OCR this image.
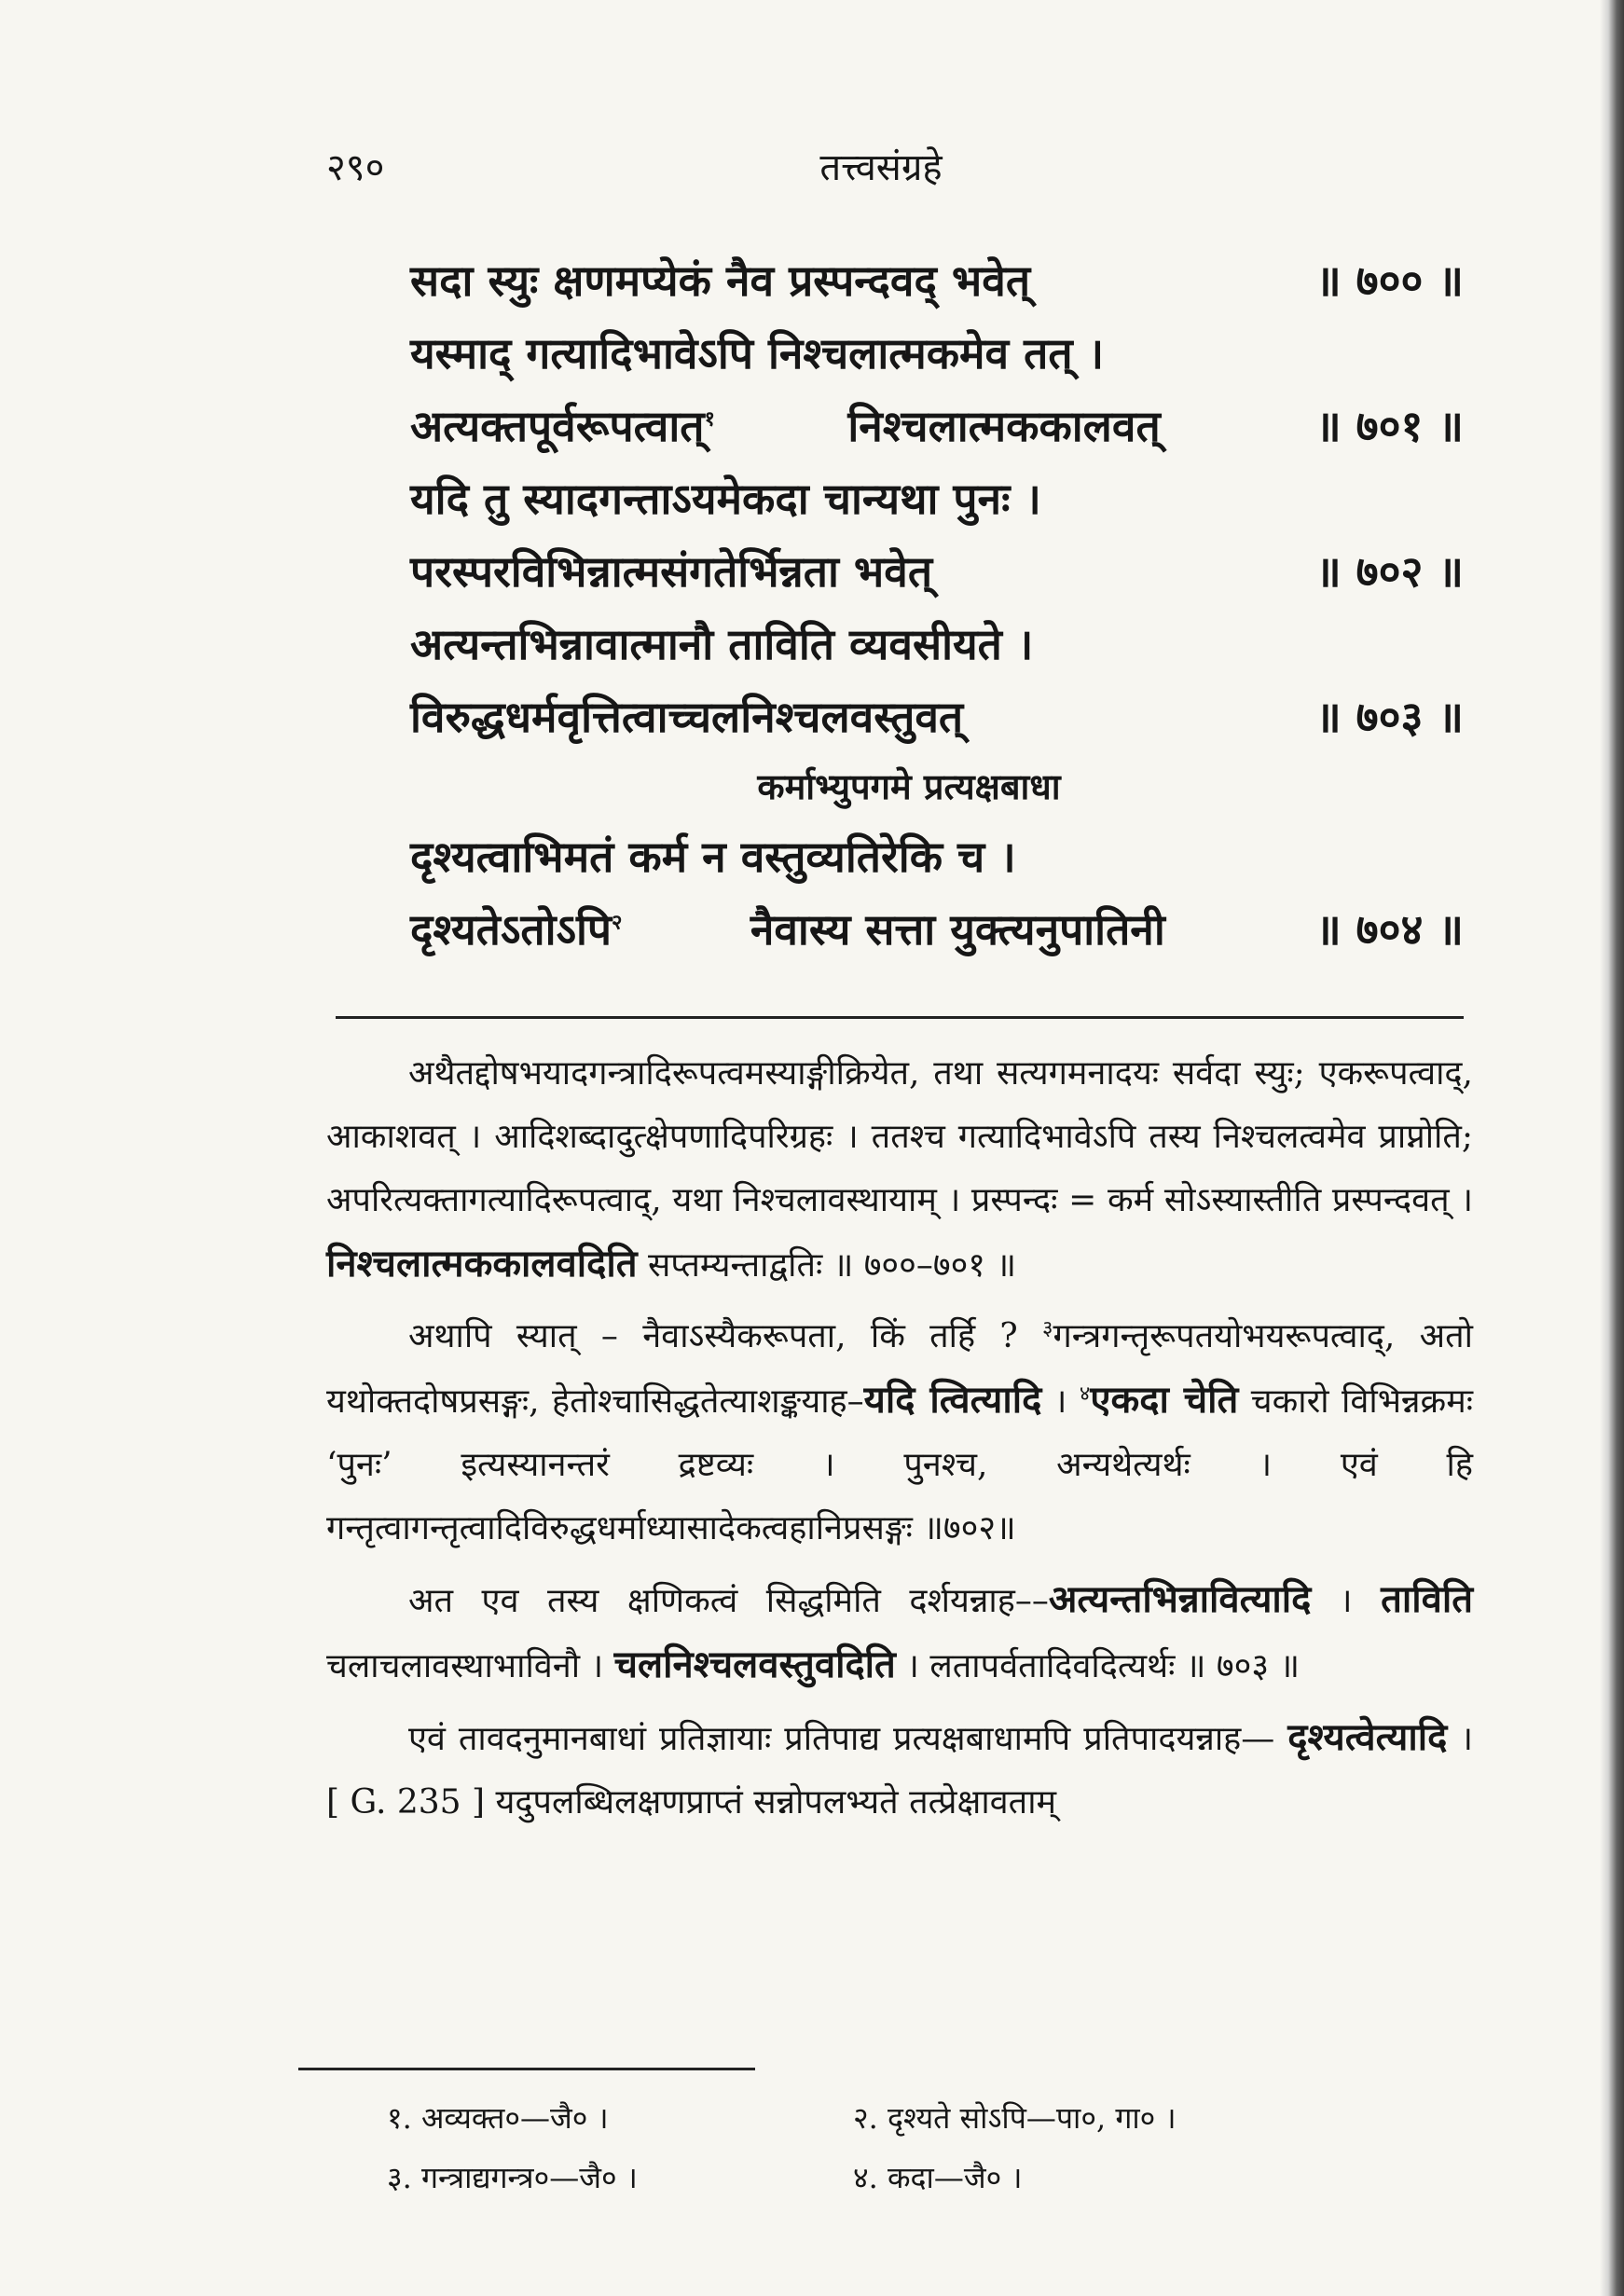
२९०	तत्त्वसंग्रहे
सदा स्युः क्षणमप्येकं नैव प्रस्पन्दवद् भवेत्	॥ ७०० ॥
यस्माद् गत्यादिभावेऽपि निश्चलात्मकमेव तत् ।
अत्यक्तपूर्वरूपत्वात्$^१$	निश्चलात्मककालवत्	॥ ७०१ ॥
यदि तु स्यादगन्ताऽयमेकदा चान्यथा पुनः ।
परस्परविभिन्नात्मसंगतेर्भिन्नता भवेत्	॥ ७०२ ॥
अत्यन्तभिन्नावात्मानौ ताविति व्यवसीयते ।
विरुद्धधर्मवृत्तित्वाच्चलनिश्चलवस्तुवत्	॥ ७०३ ॥
कर्माभ्युपगमे प्रत्यक्षबाधा
दृश्यत्वाभिमतं कर्म न वस्तुव्यतिरेकि च ।
दृश्यतेऽतोऽपि$^२$	नैवास्य सत्ता युक्त्यनुपातिनी	॥ ७०४ ॥

अथैतद्दोषभयादगन्त्रादिरूपत्वमस्याङ्गीक्रियेत, तथा सत्यगमनादयः सर्वदा स्युः; एकरूपत्वाद्, आकाशवत् । आदिशब्दादुत्क्षेपणादिपरिग्रहः । ततश्च गत्यादिभावेऽपि तस्य निश्चलत्वमेव प्राप्नोति; अपरित्यक्तागत्यादिरूपत्वाद्, यथा निश्चलावस्थायाम् । प्रस्पन्दः = कर्म सोऽस्यास्तीति प्रस्पन्दवत् । निश्चलात्मककालवदिति सप्तम्यन्ताद्वतिः ॥ ७००–७०१ ॥

अथापि स्यात् – नैवाऽस्यैकरूपता, किं तर्हि ? $^३$गन्त्रगन्तृरूपतयोभयरूपत्वाद्, अतो यथोक्तदोषप्रसङ्गः, हेतोश्चासिद्धतेत्याशङ्कयाह–यदि त्वित्यादि । $^४$एकदा चेति चकारो विभिन्नक्रमः ‘पुनः’ इत्यस्यानन्तरं द्रष्टव्यः । पुनश्च, अन्यथेत्यर्थः । एवं हि गन्तृत्वागन्तृत्वादिविरुद्धधर्माध्यासादेकत्वहानिप्रसङ्गः ॥७०२॥

अत एव तस्य क्षणिकत्वं सिद्धमिति दर्शयन्नाह––अत्यन्तभिन्नावित्यादि । ताविति चलाचलावस्थाभाविनौ । चलनिश्चलवस्तुवदिति । लतापर्वतादिवदित्यर्थः ॥ ७०३ ॥

एवं तावदनुमानबाधां प्रतिज्ञायाः प्रतिपाद्य प्रत्यक्षबाधामपि प्रतिपादयन्नाह— दृश्यत्वेत्यादि । [ G. 235 ] यदुपलब्धिलक्षणप्राप्तं सन्नोपलभ्यते तत्प्रेक्षावताम्

१. अव्यक्त०—जै० ।	२. दृश्यते सोऽपि—पा०, गा० ।
३. गन्त्राद्यगन्त्र०—जै० ।	४. कदा—जै० ।
